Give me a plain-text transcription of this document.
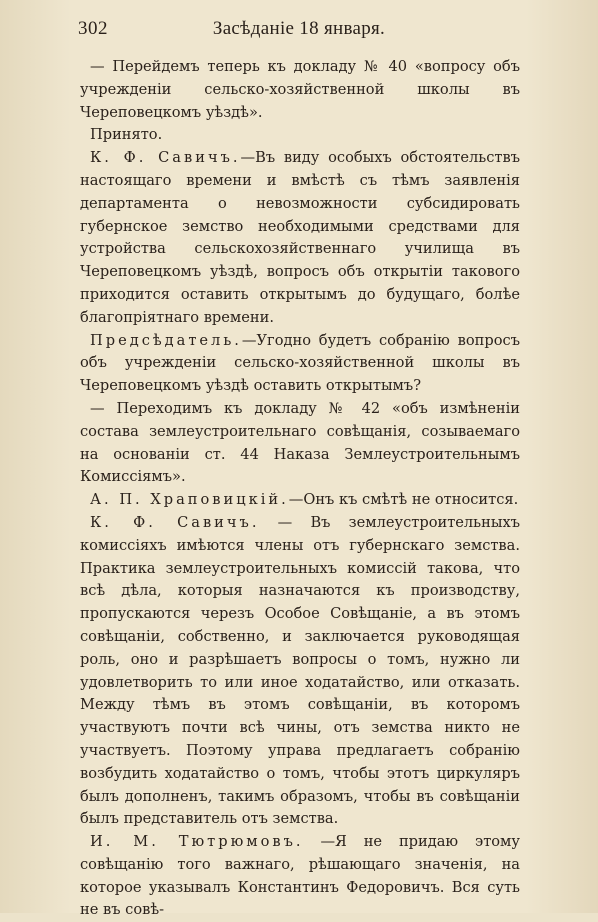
302	Засѣданіе 18 января.

— Перейдемъ теперь къ докладу № 40 «вопросу объ учрежденіи сельско-хозяйственной школы въ Череповецкомъ уѣздѣ».

Принято.

К. Ф. Савичъ.—Въ виду особыхъ обстоятельствъ настоящаго времени и вмѣстѣ съ тѣмъ заявленія департамента о невозможности субсидировать губернское земство необходимыми средствами для устройства сельскохозяйственнаго училища въ Череповецкомъ уѣздѣ, вопросъ объ открытіи такового приходится оставить открытымъ до будущаго, болѣе благопріятнаго времени.

Предсѣдатель.—Угодно будетъ собранію вопросъ объ учрежденіи сельско-хозяйственной школы въ Череповецкомъ уѣздѣ оставить открытымъ?

— Переходимъ къ докладу № 42 «объ измѣненіи состава землеустроительнаго совѣщанія, созываемаго на основаніи ст. 44 Наказа Землеустроительнымъ Комиссіямъ».

А. П. Храповицкій.—Онъ къ смѣтѣ не относится.

К. Ф. Савичъ. — Въ землеустроительныхъ комиссіяхъ имѣются члены отъ губернскаго земства. Практика землеустроительныхъ комиссій такова, что всѣ дѣла, которыя назначаются къ производству, пропускаются черезъ Особое Совѣщаніе, а въ этомъ совѣщаніи, собственно, и заключается руководящая роль, оно и разрѣшаетъ вопросы о томъ, нужно ли удовлетворить то или иное ходатайство, или отказать. Между тѣмъ въ этомъ совѣщаніи, въ которомъ участвуютъ почти всѣ чины, отъ земства никто не участвуетъ. Поэтому управа предлагаетъ собранію возбудить ходатайство о томъ, чтобы этотъ циркуляръ былъ дополненъ, такимъ образомъ, чтобы въ совѣщаніи былъ представитель отъ земства.

И. М. Тютрюмовъ. —Я не придаю этому совѣщанію того важнаго, рѣшающаго значенія, на которое указывалъ Константинъ Федоровичъ. Вся суть не въ совѣ-
